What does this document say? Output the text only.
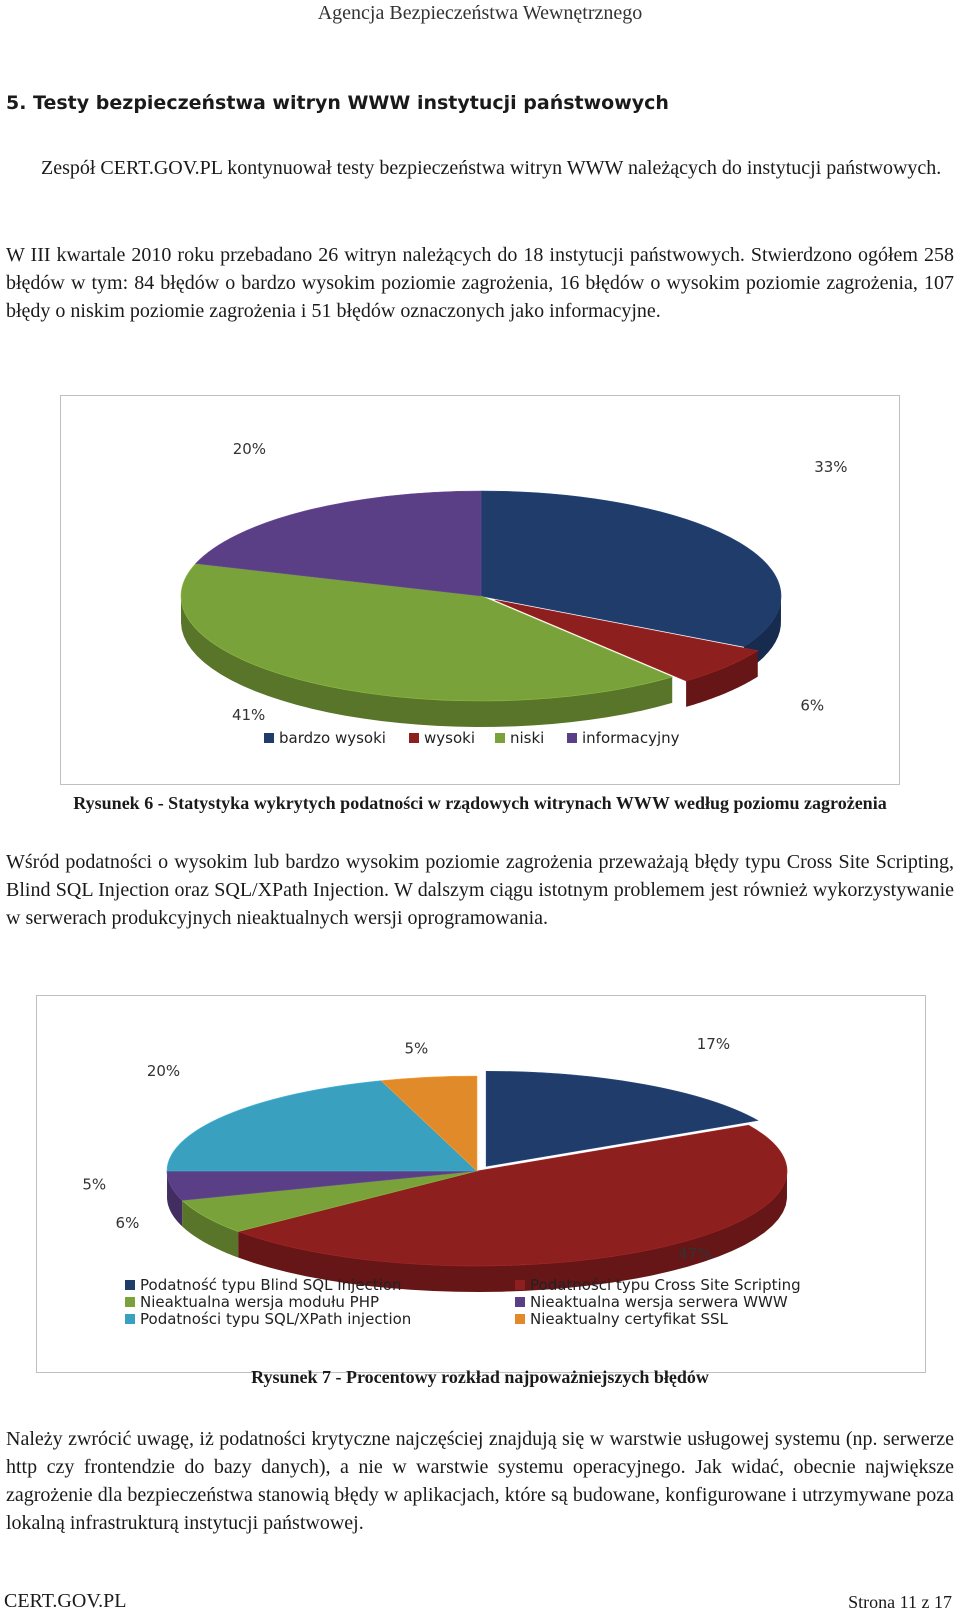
Agencja Bezpieczeństwa Wewnętrznego
5. Testy bezpieczeństwa witryn WWW instytucji państwowych
Zespół CERT.GOV.PL kontynuował testy bezpieczeństwa witryn WWW należących do instytucji państwowych.
W III kwartale 2010 roku przebadano 26 witryn należących do 18 instytucji państwowych. Stwierdzono ogółem 258 błędów w tym: 84 błędów o bardzo wysokim poziomie zagrożenia, 16 błędów o wysokim poziomie zagrożenia, 107 błędy o niskim poziomie zagrożenia i 51 błędów oznaczonych jako informacyjne.
33%
6%
41%
20%
bardzo wysoki	wysoki niski	informacyjny
Rysunek 6 - Statystyka wykrytych podatności w rządowych witrynach WWW według poziomu zagrożenia
Wśród podatności o wysokim lub bardzo wysokim poziomie zagrożenia przeważają błędy typu Cross Site Scripting, Blind SQL Injection oraz SQL/XPath Injection. W dalszym ciągu istotnym problemem jest również wykorzystywanie w serwerach produkcyjnych nieaktualnych wersji oprogramowania.
17%
47%
6%
5%
20%
5%
Podatność typu Blind SQL Injection	Podatności typu Cross Site Scripting
Nieaktualna wersja modułu PHP	Nieaktualna wersja serwera WWW
Podatności typu SQL/XPath injection	Nieaktualny certyfikat SSL
Rysunek 7 - Procentowy rozkład najpoważniejszych błędów
Należy zwrócić uwagę, iż podatności krytyczne najczęściej znajdują się w warstwie usługowej systemu (np. serwerze http czy frontendzie do bazy danych), a nie w warstwie systemu operacyjnego. Jak widać, obecnie największe zagrożenie dla bezpieczeństwa stanowią błędy w aplikacjach, które są budowane, konfigurowane i utrzymywane poza lokalną infrastrukturą instytucji państwowej.
CERT.GOV.PL	Strona 11 z 17
